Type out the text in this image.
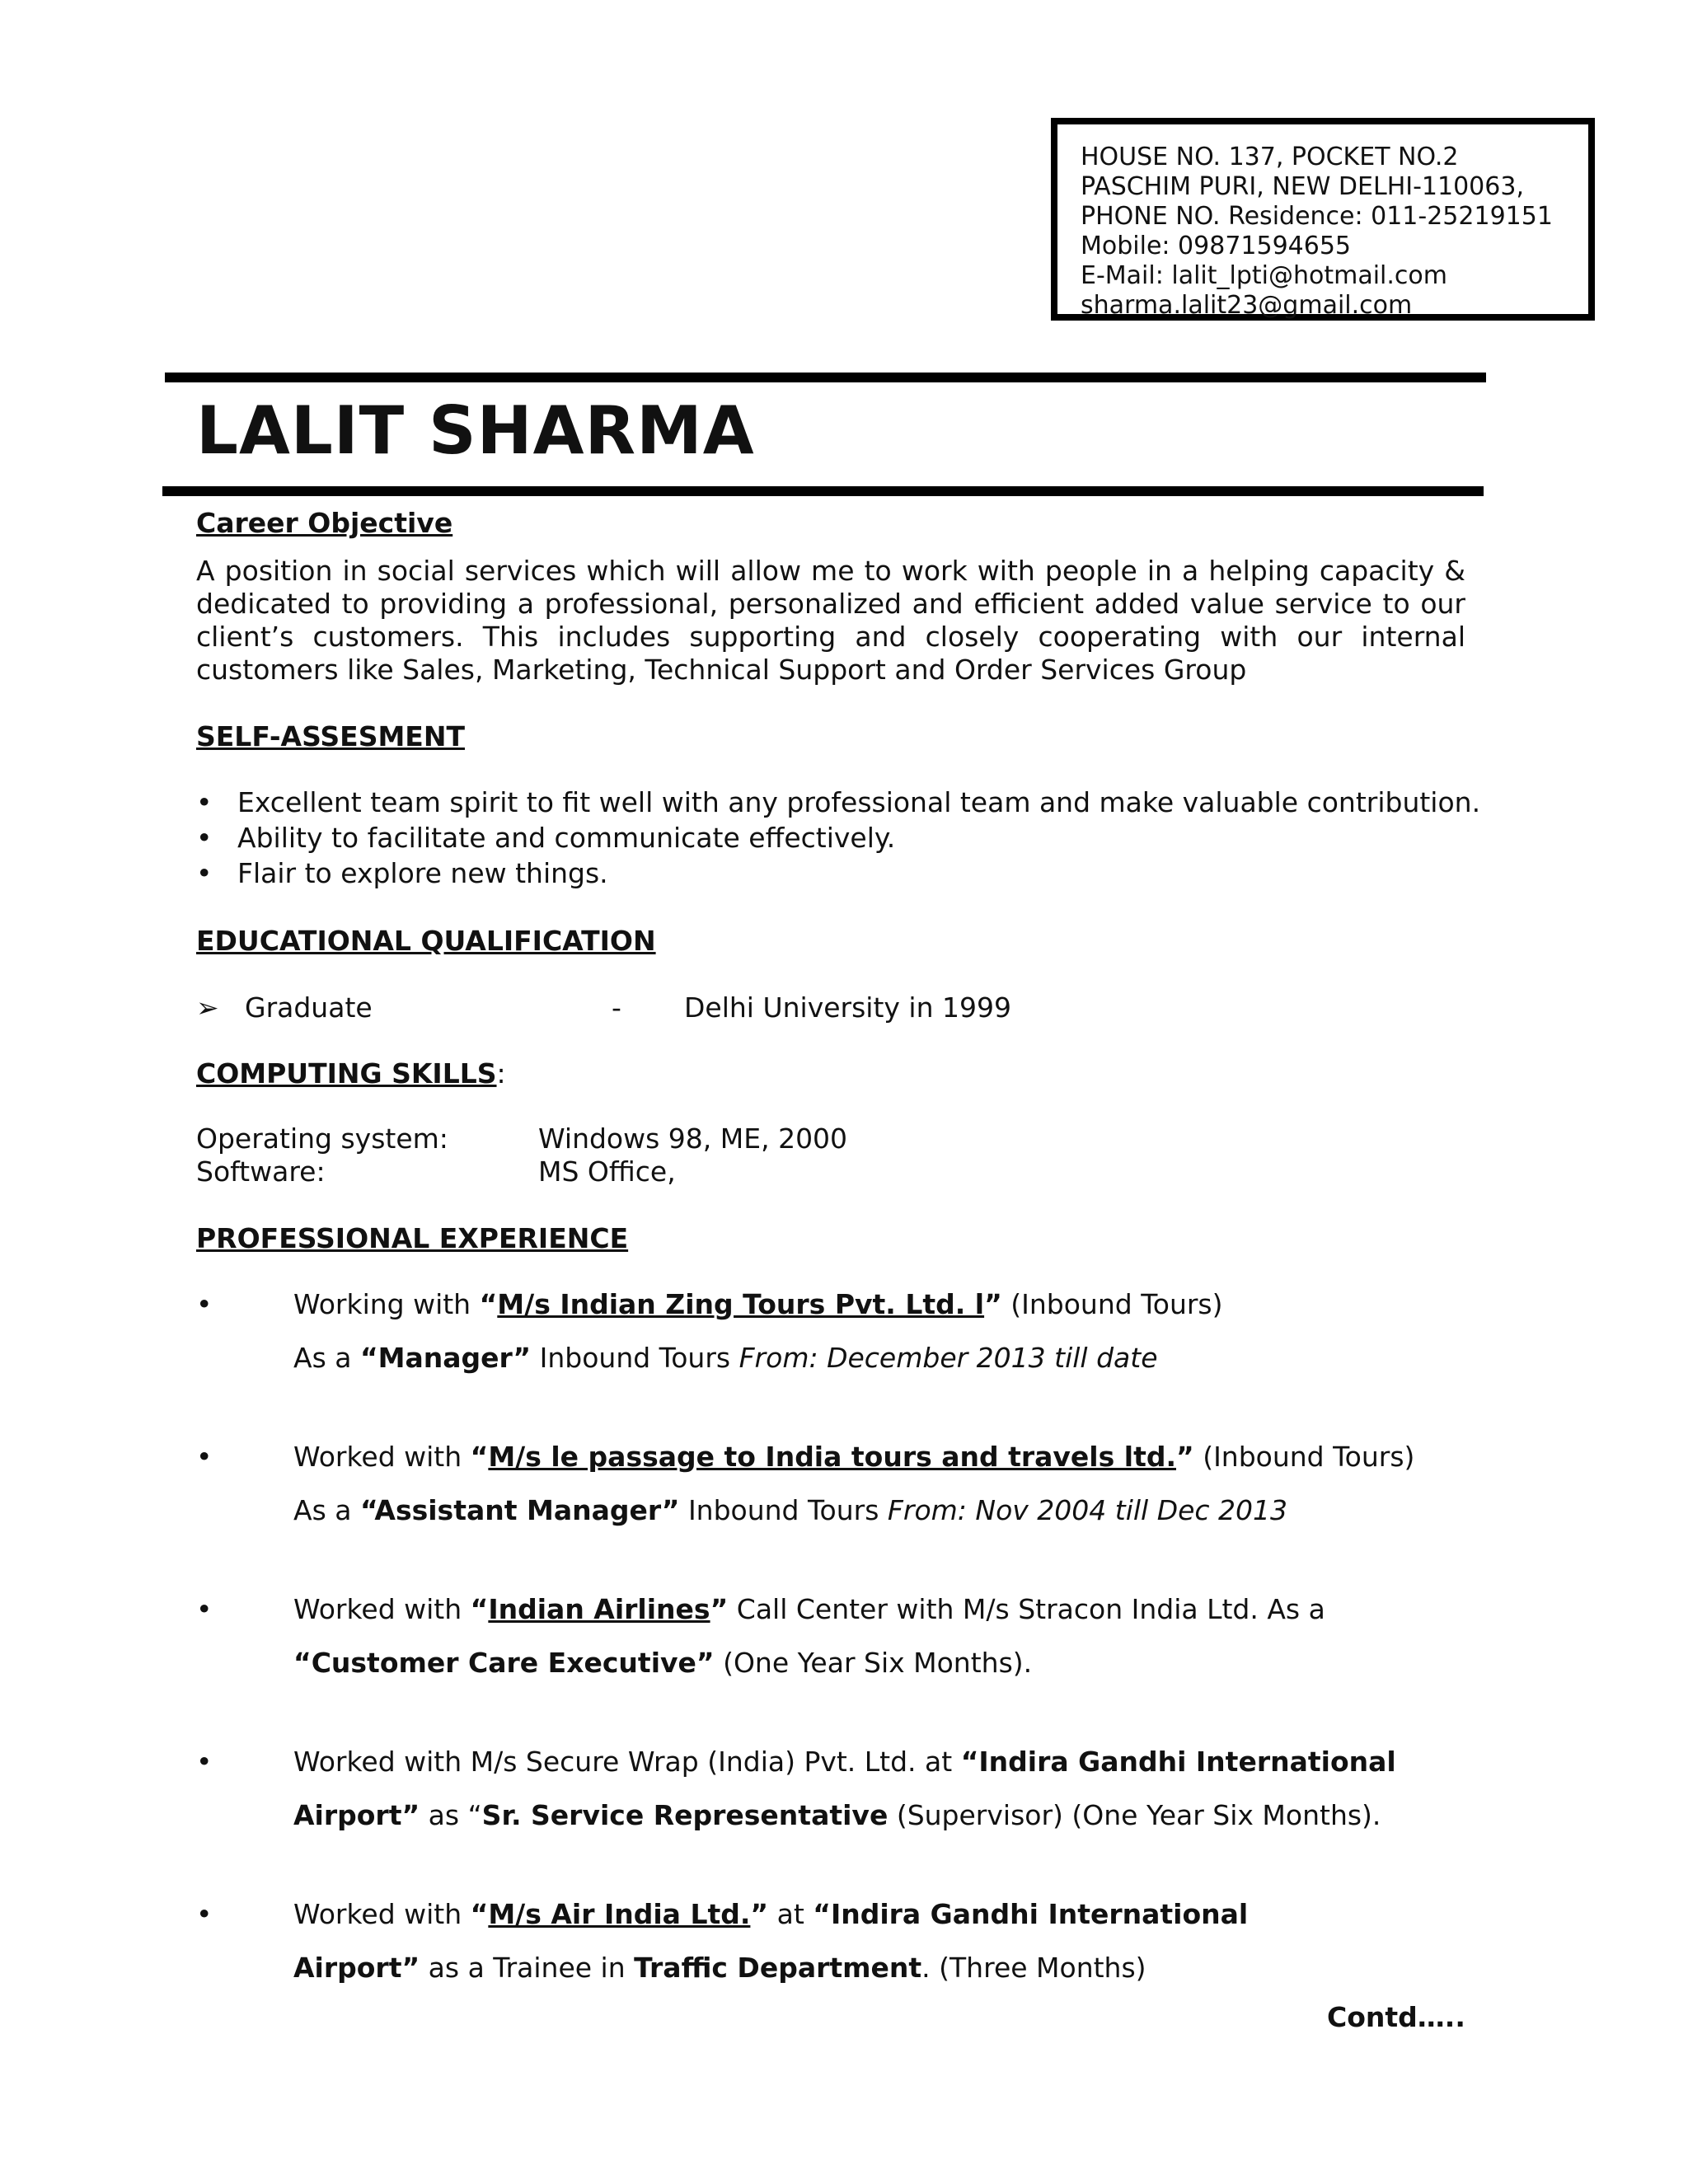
HOUSE NO. 137, POCKET NO.2
PASCHIM PURI, NEW DELHI-110063,
PHONE NO. Residence: 011-25219151
Mobile: 09871594655
E-Mail: lalit_lpti@hotmail.com
sharma.lalit23@gmail.com
LALIT SHARMA
Career Objective
A position in social services which will allow me to work with people in a helping capacity & dedicated to providing a professional, personalized and efficient added value service to our client’s customers. This includes supporting and closely cooperating with our internal
customers like Sales, Marketing, Technical Support and Order Services Group
SELF-ASSESMENT
• Excellent team spirit to fit well with any professional team and make valuable contribution.
• Ability to facilitate and communicate effectively.
• Flair to explore new things.
EDUCATIONAL QUALIFICATION
➢ Graduate	- Delhi University in 1999
COMPUTING SKILLS:
Operating system:	Windows 98, ME, 2000
Software:	MS Office,
PROFESSIONAL EXPERIENCE
•	Working with “M/s Indian Zing Tours Pvt. Ltd. l” (Inbound Tours)
As a “Manager” Inbound Tours From: December 2013 till date
•	Worked with “M/s le passage to India tours and travels ltd.” (Inbound Tours)
As a “Assistant Manager” Inbound Tours From: Nov 2004 till Dec 2013
•	Worked with “Indian Airlines” Call Center with M/s Stracon India Ltd. As a
“Customer Care Executive” (One Year Six Months).
•	Worked with M/s Secure Wrap (India) Pvt. Ltd. at “Indira Gandhi International
Airport” as “Sr. Service Representative (Supervisor) (One Year Six Months).
•	Worked with “M/s Air India Ltd.” at “Indira Gandhi International
Airport” as a Trainee in Traffic Department. (Three Months)
Contd…..
